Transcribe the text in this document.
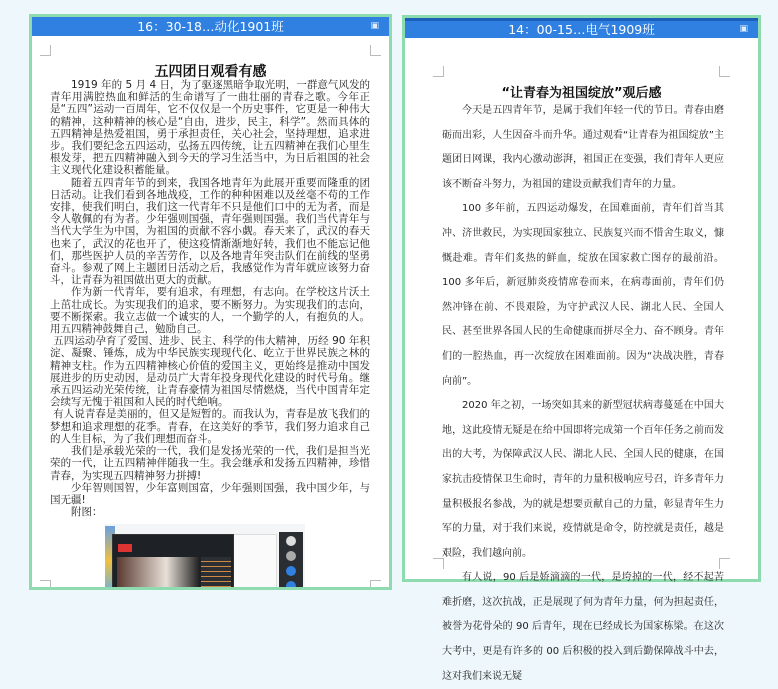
16：30-18…动化1901班	▣
五四团日观看有感

1919 年的 5 月 4 日，为了驱逐黑暗争取光明，一群意气风发的青年用满腔热血和鲜活的生命谱写了一曲壮丽的青春之歌。今年正是“五四”运动一百周年，它不仅仅是一个历史事件，它更是一种伟大的精神，这种精神的核心是“自由，进步，民主，科学”。然而具体的五四精神是热爱祖国，勇于承担责任，关心社会，坚持理想，追求进步。我们要纪念五四运动，弘扬五四传统，让五四精神在我们心里生根发芽，把五四精神融入到今天的学习生活当中，为日后祖国的社会主义现代化建设积蓄能量。

随着五四青年节的到来，我国各地青年为此展开重要而隆重的团日活动。让我们看到各地战疫，工作的种种困难以及丝毫不苟的工作安排，使我们明白，我们这一代青年不只是他们口中的无为者，而是令人敬佩的有为者。少年强则国强，青年强则国强。我们当代青年与当代大学生为中国，为祖国的贡献不容小觑。春天来了，武汉的春天也来了，武汉的花也开了，使这疫情渐渐地好转，我们也不能忘记他们，那些医护人员的辛苦劳作，以及各地青年突击队们在前线的坚勇奋斗。参观了网上主题团日活动之后，我感觉作为青年就应该努力奋斗，让青春为祖国做出更大的贡献。

作为新一代青年，要有追求，有理想，有志向。在学校这片沃土上茁壮成长。为实现我们的追求，要不断努力。为实现我们的志向，要不断探索。我立志做一个诚实的人，一个勤学的人，有抱负的人。用五四精神鼓舞自己，勉励自己。

五四运动孕育了爱国、进步、民主、科学的伟大精神，历经 90 年积淀、凝聚、锤炼，成为中华民族实现现代化、屹立于世界民族之林的精神支柱。作为五四精神核心价值的爱国主义，更始终是推动中国发展进步的历史动因，是动员广大青年投身现代化建设的时代号角。继承五四运动光荣传统，让青春豪情为祖国尽情燃烧，当代中国青年定会续写无愧于祖国和人民的时代绝响。

有人说青春是美丽的，但又是短暂的。而我认为，青春是放飞我们的梦想和追求理想的花季。青春，在这美好的季节，我们努力追求自己的人生目标，为了我们理想而奋斗。

我们是承载光荣的一代，我们是发扬光荣的一代，我们是担当光荣的一代，让五四精神伴随我一生。我会继承和发扬五四精神，珍惜青春，为实现五四精神努力拼搏!

少年智则国智，少年富则国富，少年强则国强，我中国少年，与国无疆!

附图：

14：00-15…电气1909班	▣
“让青春为祖国绽放”观后感

今天是五四青年节，是属于我们年轻一代的节日。青春由磨砺而出彩，人生因奋斗而升华。通过观看“让青春为祖国绽放”主题团日网课，我内心激动澎湃，祖国正在变强，我们青年人更应该不断奋斗努力，为祖国的建设贡献我们青年的力量。

100 多年前，五四运动爆发，在国难面前，青年们首当其冲、济世救民，为实现国家独立、民族复兴而不惜舍生取义，慷慨赴难。青年们炙热的鲜血，绽放在国家救亡图存的最前沿。100 多年后，新冠肺炎疫情席卷而来，在病毒面前，青年们仍然冲锋在前、不畏艰险，为守护武汉人民、湖北人民、全国人民、甚至世界各国人民的生命健康而拼尽全力、奋不顾身。青年们的一腔热血，再一次绽放在困难面前。因为“决战决胜，青春向前”。

2020 年之初，一场突如其来的新型冠状病毒蔓延在中国大地，这此疫情无疑是在给中国即将完成第一个百年任务之前而发出的大考，为保障武汉人民、湖北人民、全国人民的健康，在国家抗击疫情保卫生命时，青年的力量积极响应号召，许多青年力量积极报名参战，为的就是想要贡献自己的力量，彰显青年生力军的力量，对于我们来说，疫情就是命令，防控就是责任，越是艰险，我们越向前。

有人说，90 后是娇滴滴的一代，是垮掉的一代，经不起苦难折磨，这次抗战，正是展现了何为青年力量，何为担起责任，被誉为花骨朵的 90 后青年，现在已经成长为国家栋梁。在这次大考中，更是有许多的 00 后积极的投入到后勤保障战斗中去，这对我们来说无疑
